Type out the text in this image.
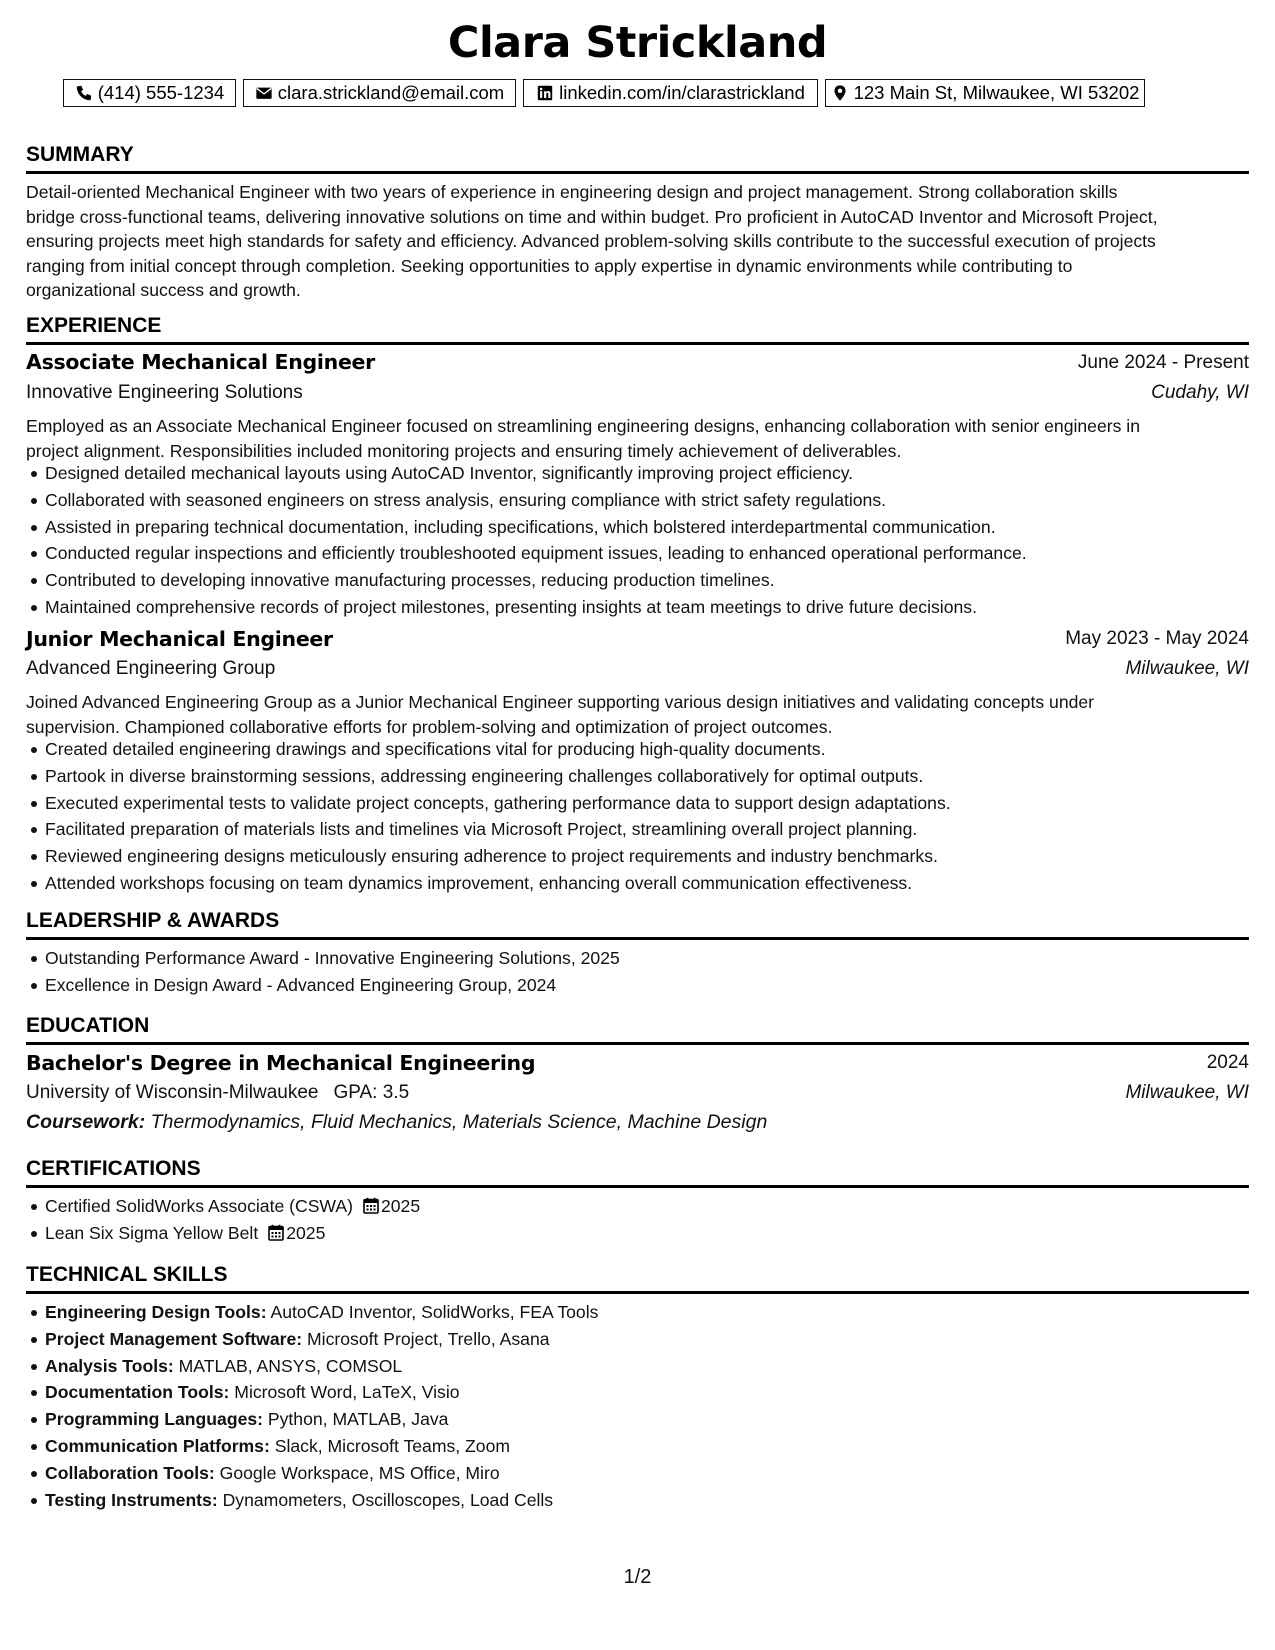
Clara Strickland
(414) 555-1234	clara.strickland@email.com	linkedin.com/in/clarastrickland	123 Main St, Milwaukee, WI 53202
SUMMARY
Detail-oriented Mechanical Engineer with two years of experience in engineering design and project management. Strong collaboration skills
bridge cross-functional teams, delivering innovative solutions on time and within budget. Pro proficient in AutoCAD Inventor and Microsoft Project,
ensuring projects meet high standards for safety and efficiency. Advanced problem-solving skills contribute to the successful execution of projects
ranging from initial concept through completion. Seeking opportunities to apply expertise in dynamic environments while contributing to
organizational success and growth.
EXPERIENCE
Associate Mechanical Engineer	June 2024 - Present
Innovative Engineering Solutions	Cudahy, WI
Employed as an Associate Mechanical Engineer focused on streamlining engineering designs, enhancing collaboration with senior engineers in
project alignment. Responsibilities included monitoring projects and ensuring timely achievement of deliverables.
Designed detailed mechanical layouts using AutoCAD Inventor, significantly improving project efficiency.
Collaborated with seasoned engineers on stress analysis, ensuring compliance with strict safety regulations.
Assisted in preparing technical documentation, including specifications, which bolstered interdepartmental communication.
Conducted regular inspections and efficiently troubleshooted equipment issues, leading to enhanced operational performance.
Contributed to developing innovative manufacturing processes, reducing production timelines.
Maintained comprehensive records of project milestones, presenting insights at team meetings to drive future decisions.
Junior Mechanical Engineer	May 2023 - May 2024
Advanced Engineering Group	Milwaukee, WI
Joined Advanced Engineering Group as a Junior Mechanical Engineer supporting various design initiatives and validating concepts under
supervision. Championed collaborative efforts for problem-solving and optimization of project outcomes.
Created detailed engineering drawings and specifications vital for producing high-quality documents.
Partook in diverse brainstorming sessions, addressing engineering challenges collaboratively for optimal outputs.
Executed experimental tests to validate project concepts, gathering performance data to support design adaptations.
Facilitated preparation of materials lists and timelines via Microsoft Project, streamlining overall project planning.
Reviewed engineering designs meticulously ensuring adherence to project requirements and industry benchmarks.
Attended workshops focusing on team dynamics improvement, enhancing overall communication effectiveness.
LEADERSHIP & AWARDS
Outstanding Performance Award - Innovative Engineering Solutions, 2025
Excellence in Design Award - Advanced Engineering Group, 2024
EDUCATION
Bachelor's Degree in Mechanical Engineering	2024
University of Wisconsin-Milwaukee GPA: 3.5	Milwaukee, WI
Coursework: Thermodynamics, Fluid Mechanics, Materials Science, Machine Design
CERTIFICATIONS
Certified SolidWorks Associate (CSWA) 2025
Lean Six Sigma Yellow Belt 2025
TECHNICAL SKILLS
Engineering Design Tools: AutoCAD Inventor, SolidWorks, FEA Tools
Project Management Software: Microsoft Project, Trello, Asana
Analysis Tools: MATLAB, ANSYS, COMSOL
Documentation Tools: Microsoft Word, LaTeX, Visio
Programming Languages: Python, MATLAB, Java
Communication Platforms: Slack, Microsoft Teams, Zoom
Collaboration Tools: Google Workspace, MS Office, Miro
Testing Instruments: Dynamometers, Oscilloscopes, Load Cells
1/2
